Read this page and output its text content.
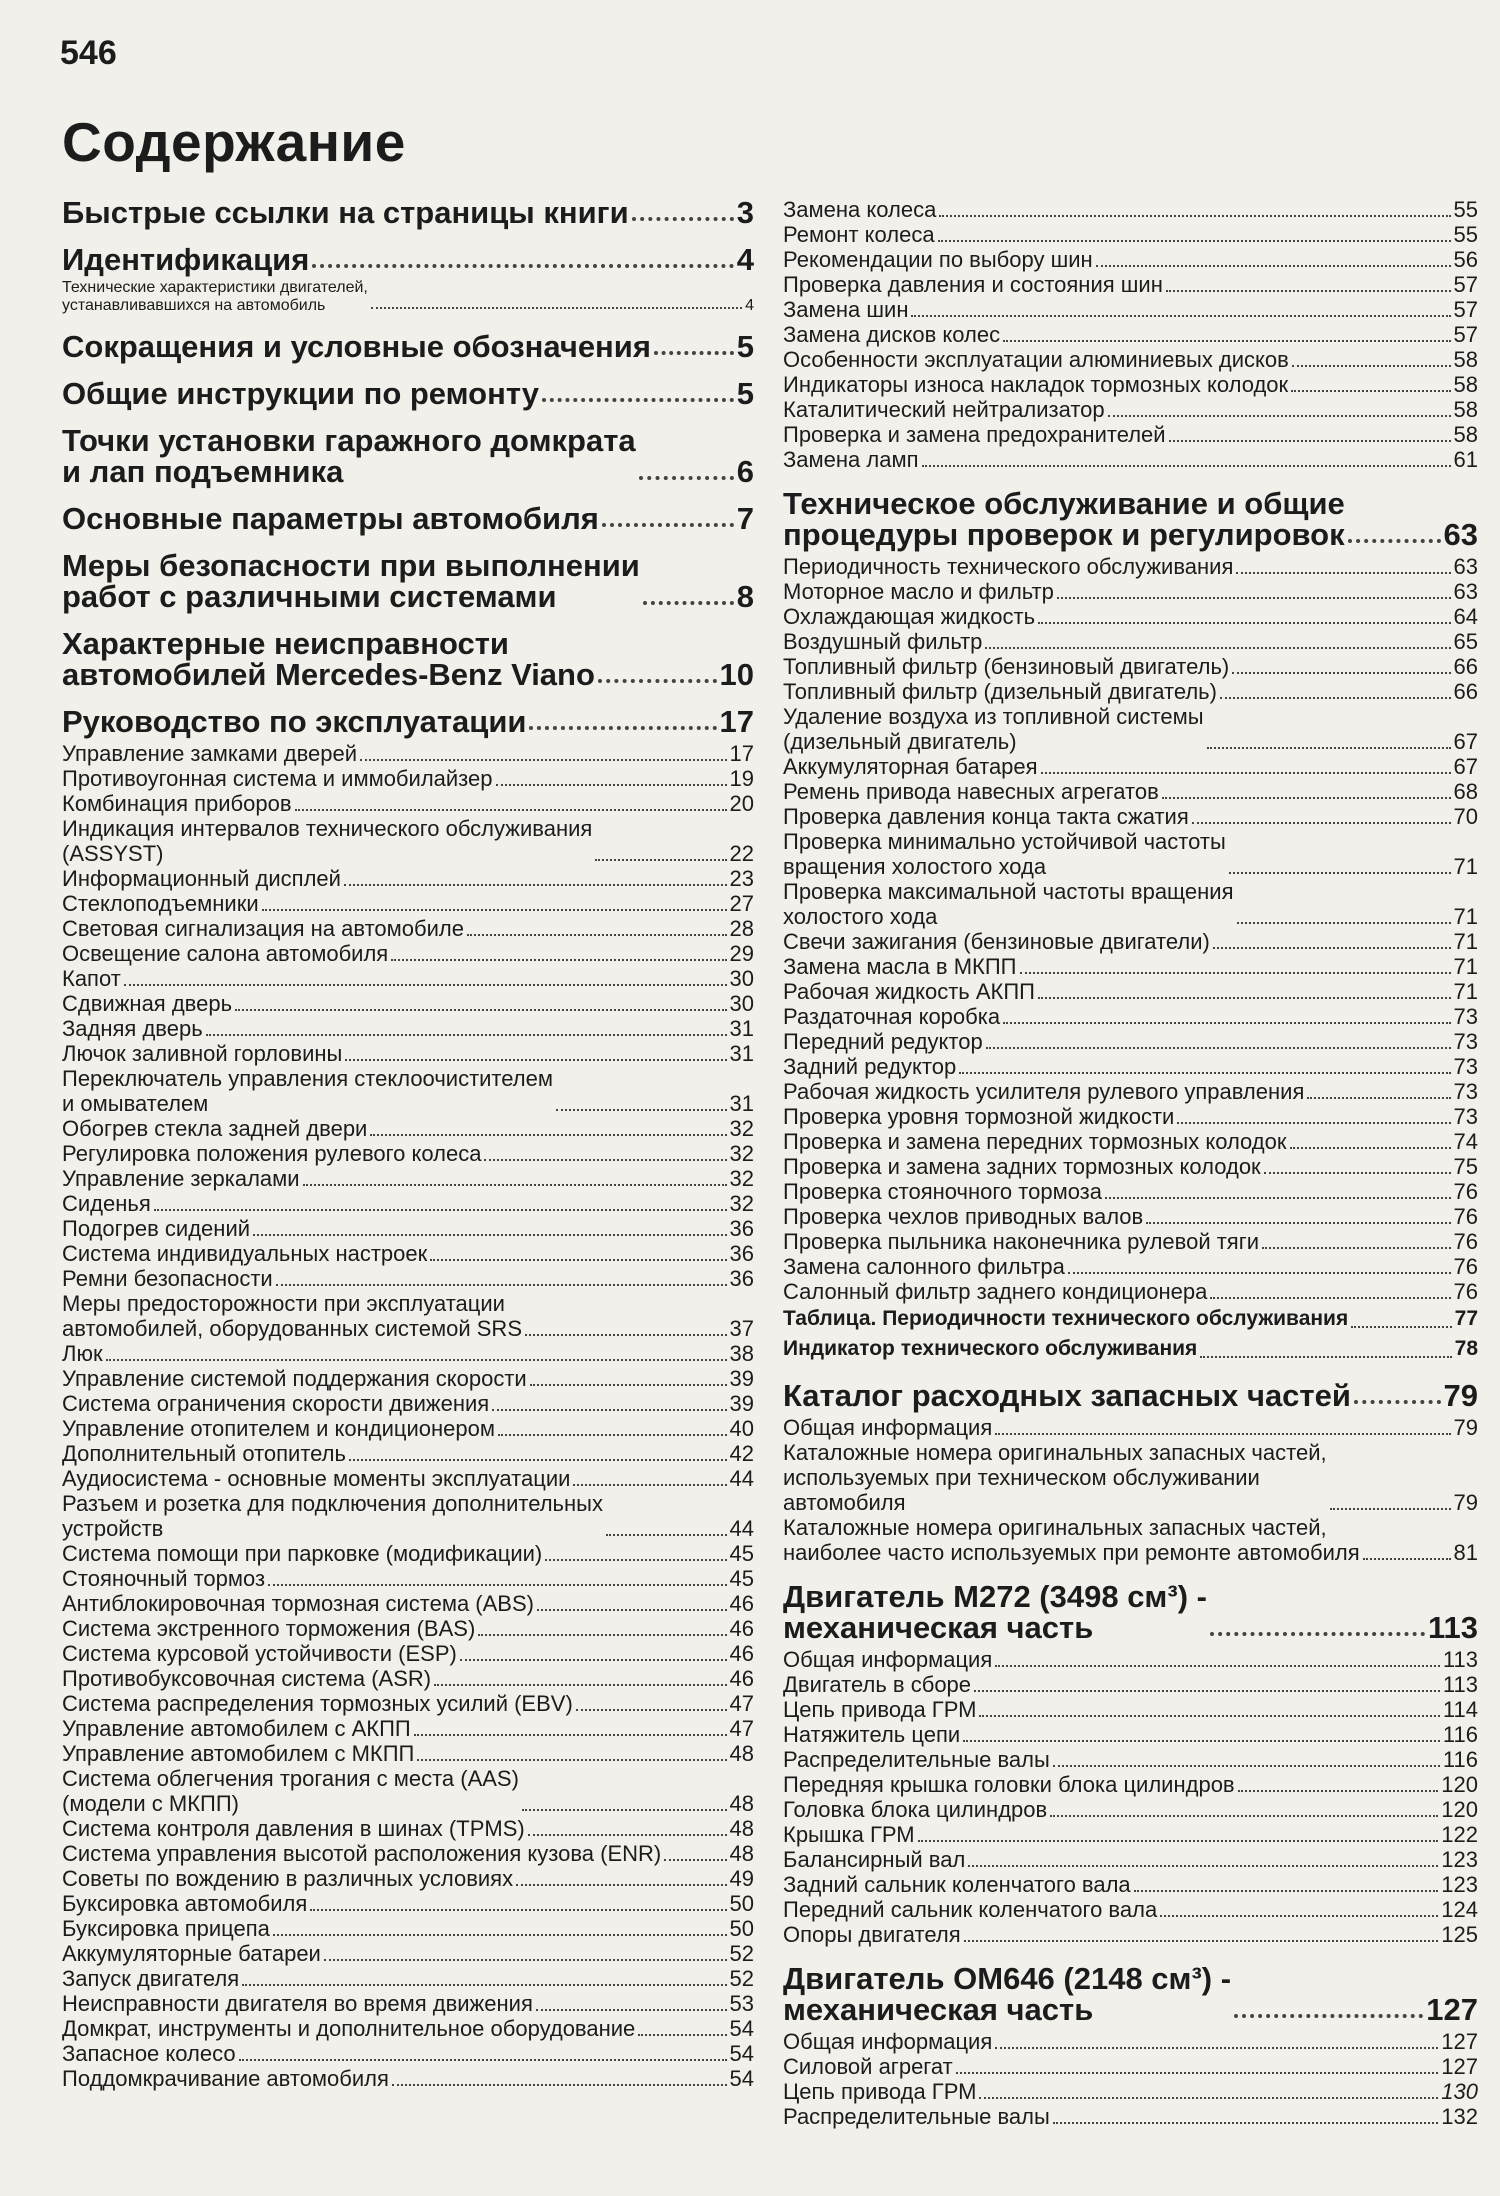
546
Содержание
Быстрые ссылки на страницы книги	3
Идентификация	4
Технические характеристики двигателей,
устанавливавшихся на автомобиль	4
Сокращения и условные обозначения	5
Общие инструкции по ремонту	5
Точки установки гаражного домкрата
и лап подъемника	6
Основные параметры автомобиля	7
Меры безопасности при выполнении
работ с различными системами	8
Характерные неисправности
автомобилей Mercedes-Benz Viano	10
Руководство по эксплуатации	17
Управление замками дверей	17
Противоугонная система и иммобилайзер	19
Комбинация приборов	20
Индикация интервалов технического обслуживания
(ASSYST)	22
Информационный дисплей	23
Стеклоподъемники	27
Световая сигнализация на автомобиле	28
Освещение салона автомобиля	29
Капот	30
Сдвижная дверь	30
Задняя дверь	31
Лючок заливной горловины	31
Переключатель управления стеклоочистителем
и омывателем	31
Обогрев стекла задней двери	32
Регулировка положения рулевого колеса	32
Управление зеркалами	32
Сиденья	32
Подогрев сидений	36
Система индивидуальных настроек	36
Ремни безопасности	36
Меры предосторожности при эксплуатации
автомобилей, оборудованных системой SRS	37
Люк	38
Управление системой поддержания скорости	39
Система ограничения скорости движения	39
Управление отопителем и кондиционером	40
Дополнительный отопитель	42
Аудиосистема - основные моменты эксплуатации	44
Разъем и розетка для подключения дополнительных
устройств	44
Система помощи при парковке (модификации)	45
Стояночный тормоз	45
Антиблокировочная тормозная система (ABS)	46
Система экстренного торможения (BAS)	46
Система курсовой устойчивости (ESP)	46
Противобуксовочная система (ASR)	46
Система распределения тормозных усилий (EBV)	47
Управление автомобилем с АКПП	47
Управление автомобилем с МКПП	48
Система облегчения трогания с места (AAS)
(модели с МКПП)	48
Система контроля давления в шинах (TPMS)	48
Система управления высотой расположения кузова (ENR)	48
Советы по вождению в различных условиях	49
Буксировка автомобиля	50
Буксировка прицепа	50
Аккумуляторные батареи	52
Запуск двигателя	52
Неисправности двигателя во время движения	53
Домкрат, инструменты и дополнительное оборудование	54
Запасное колесо	54
Поддомкрачивание автомобиля	54
Замена колеса	55
Ремонт колеса	55
Рекомендации по выбору шин	56
Проверка давления и состояния шин	57
Замена шин	57
Замена дисков колес	57
Особенности эксплуатации алюминиевых дисков	58
Индикаторы износа накладок тормозных колодок	58
Каталитический нейтрализатор	58
Проверка и замена предохранителей	58
Замена ламп	61
Техническое обслуживание и общие
процедуры проверок и регулировок	63
Периодичность технического обслуживания	63
Моторное масло и фильтр	63
Охлаждающая жидкость	64
Воздушный фильтр	65
Топливный фильтр (бензиновый двигатель)	66
Топливный фильтр (дизельный двигатель)	66
Удаление воздуха из топливной системы
(дизельный двигатель)	67
Аккумуляторная батарея	67
Ремень привода навесных агрегатов	68
Проверка давления конца такта сжатия	70
Проверка минимально устойчивой частоты
вращения холостого хода	71
Проверка максимальной частоты вращения
холостого хода	71
Свечи зажигания (бензиновые двигатели)	71
Замена масла в МКПП	71
Рабочая жидкость АКПП	71
Раздаточная коробка	73
Передний редуктор	73
Задний редуктор	73
Рабочая жидкость усилителя рулевого управления	73
Проверка уровня тормозной жидкости	73
Проверка и замена передних тормозных колодок	74
Проверка и замена задних тормозных колодок	75
Проверка стояночного тормоза	76
Проверка чехлов приводных валов	76
Проверка пыльника наконечника рулевой тяги	76
Замена салонного фильтра	76
Салонный фильтр заднего кондиционера	76
Таблица. Периодичности технического обслуживания	77
Индикатор технического обслуживания	78
Каталог расходных запасных частей	79
Общая информация	79
Каталожные номера оригинальных запасных частей,
используемых при техническом обслуживании
автомобиля	79
Каталожные номера оригинальных запасных частей,
наиболее часто используемых при ремонте автомобиля	81
Двигатель М272 (3498 см³) -
механическая часть	113
Общая информация	113
Двигатель в сборе	113
Цепь привода ГРМ	114
Натяжитель цепи	116
Распределительные валы	116
Передняя крышка головки блока цилиндров	120
Головка блока цилиндров	120
Крышка ГРМ	122
Балансирный вал	123
Задний сальник коленчатого вала	123
Передний сальник коленчатого вала	124
Опоры двигателя	125
Двигатель ОМ646 (2148 см³) -
механическая часть	127
Общая информация	127
Силовой агрегат	127
Цепь привода ГРМ	130
Распределительные валы	132
